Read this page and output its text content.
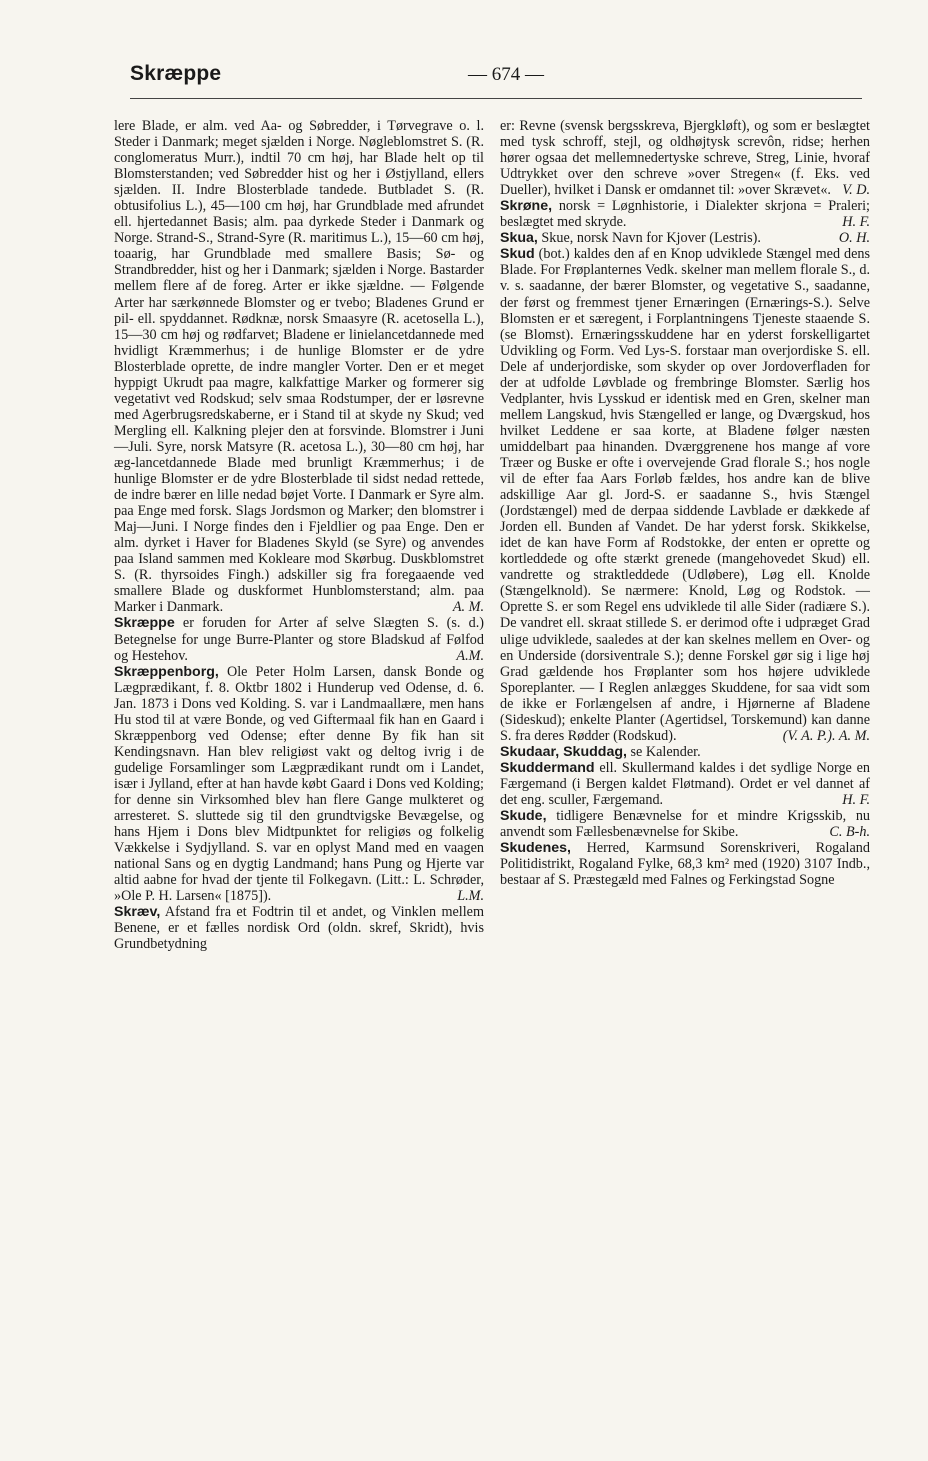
Skræppe	— 674 —

lere Blade, er alm. ved Aa- og Søbredder, i Tørvegrave o. l. Steder i Danmark; meget sjælden i Norge. Nøgleblomstret S. (R. conglomeratus Murr.), indtil 70 cm høj, har Blade helt op til Blomsterstanden; ved Søbredder hist og her i Østjylland, ellers sjælden. II. Indre Blosterblade tandede. Butbladet S. (R. obtusifolius L.), 45—100 cm høj, har Grundblade med afrundet ell. hjertedannet Basis; alm. paa dyrkede Steder i Danmark og Norge. Strand-S., Strand-Syre (R. maritimus L.), 15—60 cm høj, toaarig, har Grundblade med smallere Basis; Sø- og Strandbredder, hist og her i Danmark; sjælden i Norge. Bastarder mellem flere af de foreg. Arter er ikke sjældne. — Følgende Arter har særkønnede Blomster og er tvebo; Bladenes Grund er pil- ell. spyddannet. Rødknæ, norsk Smaasyre (R. acetosella L.), 15—30 cm høj og rødfarvet; Bladene er linielancetdannede med hvidligt Kræmmerhus; i de hunlige Blomster er de ydre Blosterblade oprette, de indre mangler Vorter. Den er et meget hyppigt Ukrudt paa magre, kalkfattige Marker og formerer sig vegetativt ved Rodskud; selv smaa Rodstumper, der er løsrevne med Agerbrugsredskaberne, er i Stand til at skyde ny Skud; ved Mergling ell. Kalkning plejer den at forsvinde. Blomstrer i Juni—Juli. Syre, norsk Matsyre (R. acetosa L.), 30—80 cm høj, har æg-lancetdannede Blade med brunligt Kræmmerhus; i de hunlige Blomster er de ydre Blosterblade til sidst nedad rettede, de indre bærer en lille nedad bøjet Vorte. I Danmark er Syre alm. paa Enge med forsk. Slags Jordsmon og Marker; den blomstrer i Maj—Juni. I Norge findes den i Fjeldlier og paa Enge. Den er alm. dyrket i Haver for Bladenes Skyld (se Syre) og anvendes paa Island sammen med Kokleare mod Skørbug. Duskblomstret S. (R. thyrsoides Fingh.) adskiller sig fra foregaaende ved smallere Blade og duskformet Hunblomsterstand; alm. paa Marker i Danmark.	A. M.

Skræppe er foruden for Arter af selve Slægten S. (s. d.) Betegnelse for unge Burre-Planter og store Bladskud af Følfod og Hestehov.	A.M.

Skræppenborg, Ole Peter Holm Larsen, dansk Bonde og Lægprædikant, f. 8. Oktbr 1802 i Hunderup ved Odense, d. 6. Jan. 1873 i Dons ved Kolding. S. var i Landmaallære, men hans Hu stod til at være Bonde, og ved Giftermaal fik han en Gaard i Skræppenborg ved Odense; efter denne By fik han sit Kendingsnavn. Han blev religiøst vakt og deltog ivrig i de gudelige Forsamlinger som Lægprædikant rundt om i Landet, især i Jylland, efter at han havde købt Gaard i Dons ved Kolding; for denne sin Virksomhed blev han flere Gange mulkteret og arresteret. S. sluttede sig til den grundtvigske Bevægelse, og hans Hjem i Dons blev Midtpunktet for religiøs og folkelig Vækkelse i Sydjylland. S. var en oplyst Mand med en vaagen national Sans og en dygtig Landmand; hans Pung og Hjerte var altid aabne for hvad der tjente til Folkegavn. (Litt.: L. Schrøder, »Ole P. H. Larsen« [1875]).	L.M.

Skræv, Afstand fra et Fodtrin til et andet, og Vinklen mellem Benene, er et fælles nordisk Ord (oldn. skref, Skridt), hvis Grundbetydning

er: Revne (svensk bergsskreva, Bjergkløft), og som er beslægtet med tysk schroff, stejl, og oldhøjtysk screvôn, ridse; herhen hører ogsaa det mellemnedertyske schreve, Streg, Linie, hvoraf Udtrykket over den schreve »over Stregen« (f. Eks. ved Dueller), hvilket i Dansk er omdannet til: »over Skrævet«. V. D.

Skrøne, norsk = Løgnhistorie, i Dialekter skrjona = Praleri; beslægtet med skryde.	H. F.

Skua, Skue, norsk Navn for Kjover (Lestris).	O. H.

Skud (bot.) kaldes den af en Knop udviklede Stængel med dens Blade. For Frøplanternes Vedk. skelner man mellem florale S., d. v. s. saadanne, der bærer Blomster, og vegetative S., saadanne, der først og fremmest tjener Ernæringen (Ernærings-S.). Selve Blomsten er et særegent, i Forplantningens Tjeneste staaende S. (se Blomst). Ernæringsskuddene har en yderst forskelligartet Udvikling og Form. Ved Lys-S. forstaar man overjordiske S. ell. Dele af underjordiske, som skyder op over Jordoverfladen for der at udfolde Løvblade og frembringe Blomster. Særlig hos Vedplanter, hvis Lysskud er identisk med en Gren, skelner man mellem Langskud, hvis Stængelled er lange, og Dværgskud, hos hvilket Leddene er saa korte, at Bladene følger næsten umiddelbart paa hinanden. Dværggrenene hos mange af vore Træer og Buske er ofte i overvejende Grad florale S.; hos nogle vil de efter faa Aars Forløb fældes, hos andre kan de blive adskillige Aar gl. Jord-S. er saadanne S., hvis Stængel (Jordstængel) med de derpaa siddende Lavblade er dækkede af Jorden ell. Bunden af Vandet. De har yderst forsk. Skikkelse, idet de kan have Form af Rodstokke, der enten er oprette og kortleddede og ofte stærkt grenede (mangehovedet Skud) ell. vandrette og straktleddede (Udløbere), Løg ell. Knolde (Stængelknold). Se nærmere: Knold, Løg og Rodstok. — Oprette S. er som Regel ens udviklede til alle Sider (radiære S.). De vandret ell. skraat stillede S. er derimod ofte i udpræget Grad ulige udviklede, saaledes at der kan skelnes mellem en Over- og en Underside (dorsiventrale S.); denne Forskel gør sig i lige høj Grad gældende hos Frøplanter som hos højere udviklede Sporeplanter. — I Reglen anlægges Skuddene, for saa vidt som de ikke er Forlængelsen af andre, i Hjørnerne af Bladene (Sideskud); enkelte Planter (Agertidsel, Torskemund) kan danne S. fra deres Rødder (Rodskud).	(V. A. P.). A. M.

Skudaar, Skuddag, se Kalender.

Skuddermand ell. Skullermand kaldes i det sydlige Norge en Færgemand (i Bergen kaldet Fløtmand). Ordet er vel dannet af det eng. sculler, Færgemand.	H. F.

Skude, tidligere Benævnelse for et mindre Krigsskib, nu anvendt som Fællesbenævnelse for Skibe.	C. B-h.

Skudenes, Herred, Karmsund Sorenskriveri, Rogaland Politidistrikt, Rogaland Fylke, 68,3 km² med (1920) 3107 Indb., bestaar af S. Præstegæld med Falnes og Ferkingstad Sogne
